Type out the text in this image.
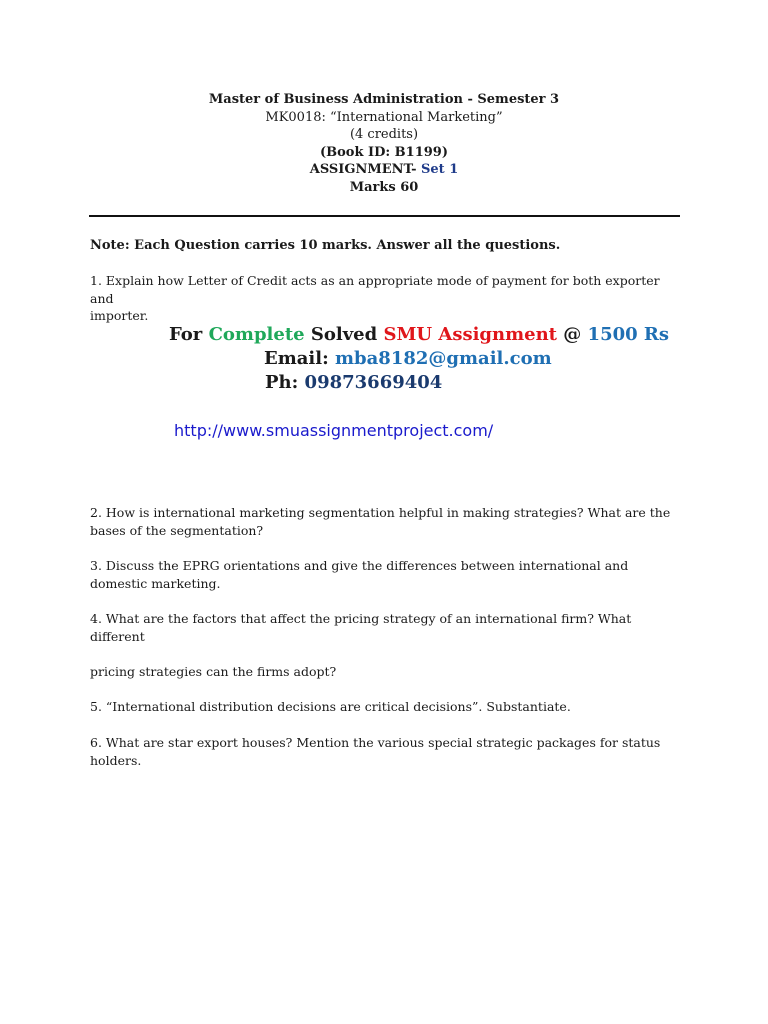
Master of Business Administration - Semester 3
MK0018: “International Marketing”
(4 credits)
(Book ID: B1199)
ASSIGNMENT- Set 1
Marks 60
Note: Each Question carries 10 marks. Answer all the questions.
1. Explain how Letter of Credit acts as an appropriate mode of payment for both exporter
and
importer.
For Complete Solved SMU Assignment @ 1500 Rs
Email: mba8182@gmail.com
Ph: 09873669404
http://www.smuassignmentproject.com/
2. How is international marketing segmentation helpful in making strategies? What are the bases of the segmentation?
3. Discuss the EPRG orientations and give the differences between international and domestic marketing.
4. What are the factors that affect the pricing strategy of an international firm? What
different
pricing strategies can the firms adopt?
5. “International distribution decisions are critical decisions”. Substantiate.
6. What are star export houses? Mention the various special strategic packages for status holders.
